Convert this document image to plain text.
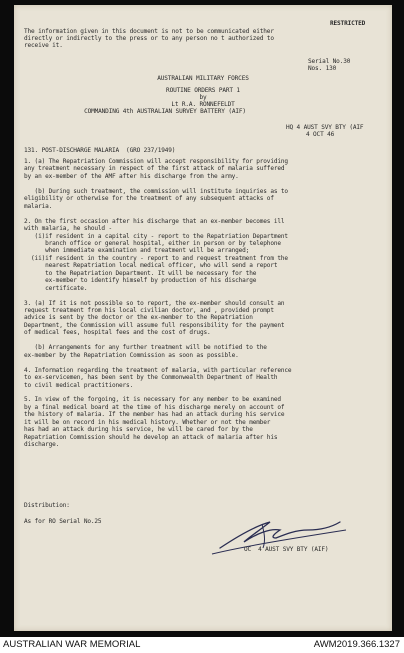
RESTRICTED
The information given in this document is not to be communicated either
directly or indirectly to the press or to any person no t authorized to
receive it.
Serial No.30
Nos. 130
AUSTRALIAN MILITARY FORCES
ROUTINE ORDERS PART 1
by
Lt R.A. RONNEFELDT
COMMANDING 4th AUSTRALIAN SURVEY BATTERY (AIF)
HQ 4 AUST SVY BTY (AIF
4 OCT 46
131. POST-DISCHARGE MALARIA  (GRO 237/1949)
1. (a) The Repatriation Commission will accept responsibility for providing
any treatment necessary in respect of the first attack of malaria suffered
by an ex-member of the AMF after his discharge from the army.
(b) During such treatment, the commission will institute inquiries as to
eligibility or otherwise for the treatment of any subsequent attacks of
malaria.
2. On the first occasion after his discharge that an ex-member becomes ill
with malaria, he should -
(i)if resident in a capital city - report to the Repatriation Department
branch office or general hospital, either in person or by telephone
when immediate examination and treatment will be arranged;
(ii)if resident in the country - report to and request treatment from the
nearest Repatriation local medical officer, who will send a report
to the Repatriation Department. It will be necessary for the
ex-member to identify himself by production of his discharge
certificate.
3. (a) If it is not possible so to report, the ex-member should consult an
request treatment from his local civilian doctor, and , provided prompt
advice is sent by the doctor or the ex-member to the Repatriation
Department, the Commission will assume full responsibility for the payment
of medical fees, hospital fees and the cost of drugs.
(b) Arrangements for any further treatment will be notified to the
ex-member by the Repatriation Commission as soon as possible.
4. Information regarding the treatment of malaria, with particular reference
to ex-servicemen, has been sent by the Commonwealth Department of Health
to civil medical practitioners.
5. In view of the forgoing, it is necessary for any member to be examined
by a final medical board at the time of his discharge merely on account of
the history of malaria. If the member has had an attack during his service
it will be on record in his medical history. Whether or not the member
has had an attack during his service, he will be cared for by the
Repatriation Commission should he develop an attack of malaria after his
discharge.
Distribution:
As for RO Serial No.25
OC  4 AUST SVY BTY (AIF)
AUSTRALIAN WAR MEMORIAL	AWM2019.366.1327
